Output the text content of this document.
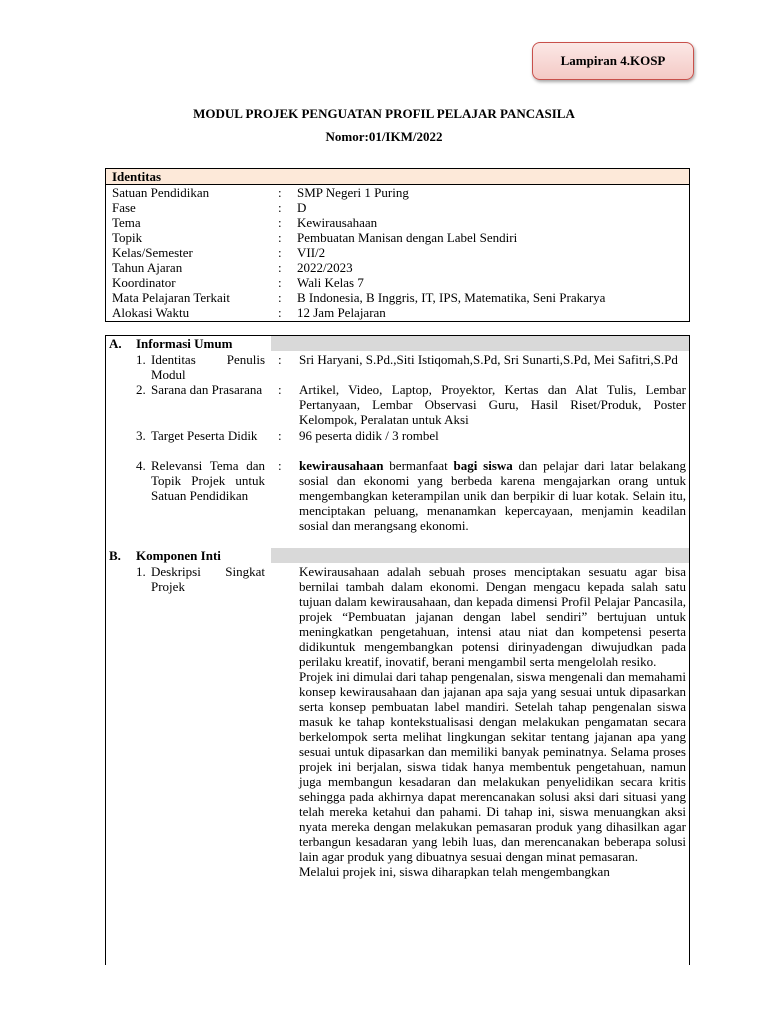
Lampiran 4.KOSP
MODUL PROJEK PENGUATAN PROFIL PELAJAR PANCASILA
Nomor:01/IKM/2022
Identitas
Satuan Pendidikan	: SMP Negeri 1 Puring
Fase	: D
Tema	: Kewirausahaan
Topik	: Pembuatan Manisan dengan Label Sendiri
Kelas/Semester	: VII/2
Tahun Ajaran	: 2022/2023
Koordinator	: Wali Kelas 7
Mata Pelajaran Terkait	: B Indonesia, B Inggris, IT, IPS, Matematika, Seni Prakarya
Alokasi Waktu	: 12 Jam Pelajaran
A. Informasi Umum
1. Identitas Penulis Modul
: Sri Haryani, S.Pd.,Siti Istiqomah,S.Pd, Sri Sunarti,S.Pd, Mei Safitri,S.Pd
2. Sarana dan Prasarana : Artikel, Video, Laptop, Proyektor, Kertas dan Alat Tulis, Lembar Pertanyaan, Lembar Observasi Guru, Hasil Riset/Produk, Poster Kelompok, Peralatan untuk Aksi
3. Target Peserta Didik	: 96 peserta didik / 3 rombel
4. Relevansi Tema dan Topik Projek untuk Satuan Pendidikan
: kewirausahaan bermanfaat bagi siswa dan pelajar dari latar belakang sosial dan ekonomi yang berbeda karena mengajarkan orang untuk mengembangkan keterampilan unik dan berpikir di luar kotak. Selain itu, menciptakan peluang, menanamkan kepercayaan, menjamin keadilan sosial dan merangsang ekonomi.
B. Komponen Inti
1. Deskripsi Singkat Projek

Kewirausahaan adalah sebuah proses menciptakan sesuatu agar bisa bernilai tambah dalam ekonomi. Dengan mengacu kepada salah satu tujuan dalam kewirausahaan, dan kepada dimensi Profil Pelajar Pancasila, projek “Pembuatan jajanan dengan label sendiri” bertujuan untuk meningkatkan pengetahuan, intensi atau niat dan kompetensi peserta didikuntuk mengembangkan potensi dirinyadengan diwujudkan pada perilaku kreatif, inovatif, berani mengambil serta mengelolah resiko.

Projek ini dimulai dari tahap pengenalan, siswa mengenali dan memahami konsep kewirausahaan dan jajanan apa saja yang sesuai untuk dipasarkan serta konsep pembuatan label mandiri. Setelah tahap pengenalan siswa masuk ke tahap kontekstualisasi dengan melakukan pengamatan secara berkelompok serta melihat lingkungan sekitar tentang jajanan apa yang sesuai untuk dipasarkan dan memiliki banyak peminatnya. Selama proses projek ini berjalan, siswa tidak hanya membentuk pengetahuan, namun juga membangun kesadaran dan melakukan penyelidikan secara kritis sehingga pada akhirnya dapat merencanakan solusi aksi dari situasi yang telah mereka ketahui dan pahami. Di tahap ini, siswa menuangkan aksi nyata mereka dengan melakukan pemasaran produk yang dihasilkan agar terbangun kesadaran yang lebih luas, dan merencanakan beberapa solusi lain agar produk yang dibuatnya sesuai dengan minat pemasaran.

Melalui projek ini, siswa diharapkan telah mengembangkan
